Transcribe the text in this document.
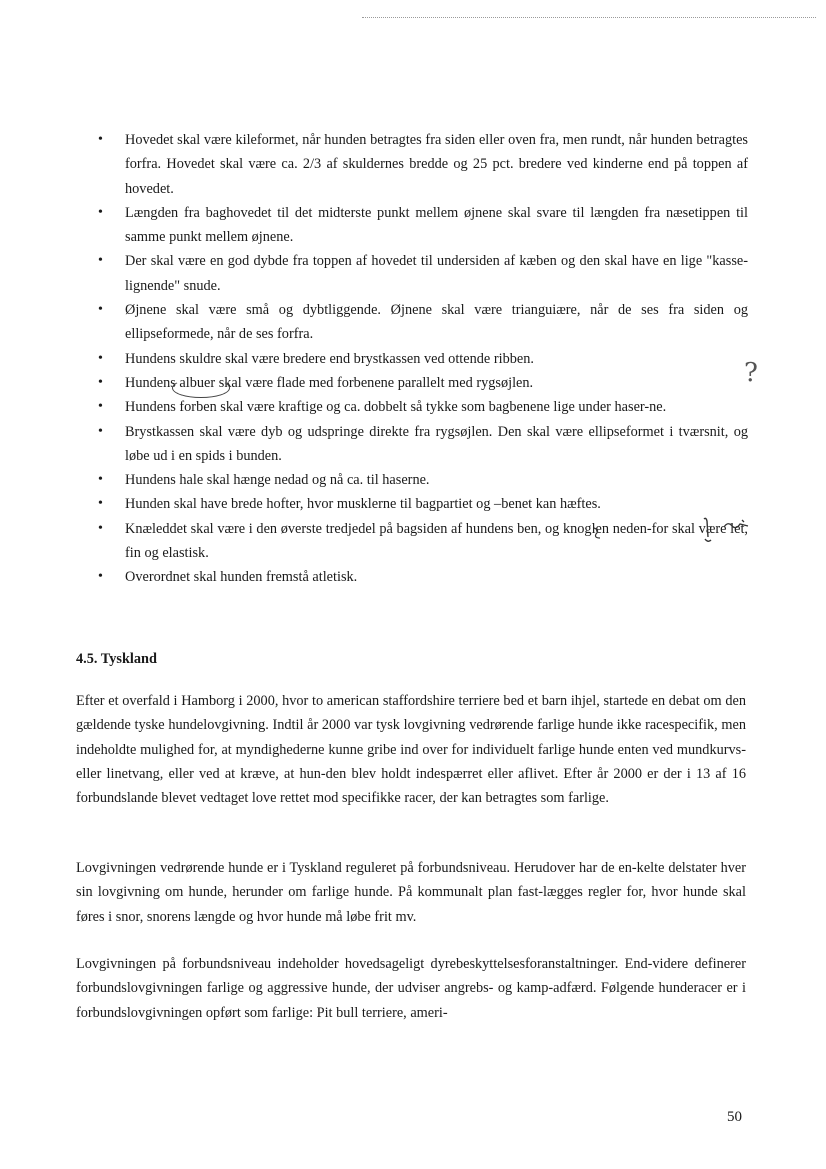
• Hovedet skal være kileformet, når hunden betragtes fra siden eller oven fra, men rundt, når hunden betragtes forfra. Hovedet skal være ca. 2/3 af skuldernes bredde og 25 pct. bredere ved kinderne end på toppen af hovedet.
• Længden fra baghovedet til det midterste punkt mellem øjnene skal svare til længden fra næsetippen til samme punkt mellem øjnene.
• Der skal være en god dybde fra toppen af hovedet til undersiden af kæben og den skal have en lige "kasse-lignende" snude.
• Øjnene skal være små og dybtliggende. Øjnene skal være trianguiære, når de ses fra siden og ellipseformede, når de ses forfra.
• Hundens skuldre skal være bredere end brystkassen ved ottende ribben.
• Hundens albuer skal være flade med forbenene parallelt med rygsøjlen.
• Hundens forben skal være kraftige og ca. dobbelt så tykke som bagbenene lige under haser-ne.
• Brystkassen skal være dyb og udspringe direkte fra rygsøjlen. Den skal være ellipseformet i tværsnit, og løbe ud i en spids i bunden.
• Hundens hale skal hænge nedad og nå ca. til haserne.
• Hunden skal have brede hofter, hvor musklerne til bagpartiet og –benet kan hæftes.
• Knæleddet skal være i den øverste tredjedel på bagsiden af hundens ben, og knoglen neden-for skal være let, fin og elastisk.
• Overordnet skal hunden fremstå atletisk.
?
4.5. Tyskland

Efter et overfald i Hamborg i 2000, hvor to american staffordshire terriere bed et barn ihjel, startede en debat om den gældende tyske hundelovgivning. Indtil år 2000 var tysk lovgivning vedrørende farlige hunde ikke racespecifik, men indeholdte mulighed for, at myndighederne kunne gribe ind over for individuelt farlige hunde enten ved mundkurvs- eller linetvang, eller ved at kræve, at hun-den blev holdt indespærret eller aflivet. Efter år 2000 er der i 13 af 16 forbundslande blevet vedtaget love rettet mod specifikke racer, der kan betragtes som farlige.

Lovgivningen vedrørende hunde er i Tyskland reguleret på forbundsniveau. Herudover har de en-kelte delstater hver sin lovgivning om hunde, herunder om farlige hunde. På kommunalt plan fast-lægges regler for, hvor hunde skal føres i snor, snorens længde og hvor hunde må løbe frit mv.

Lovgivningen på forbundsniveau indeholder hovedsageligt dyrebeskyttelsesforanstaltninger. End-videre definerer forbundslovgivningen farlige og aggressive hunde, der udviser angrebs- og kamp-adfærd. Følgende hunderacer er i forbundslovgivningen opført som farlige: Pit bull terriere, ameri-

50
